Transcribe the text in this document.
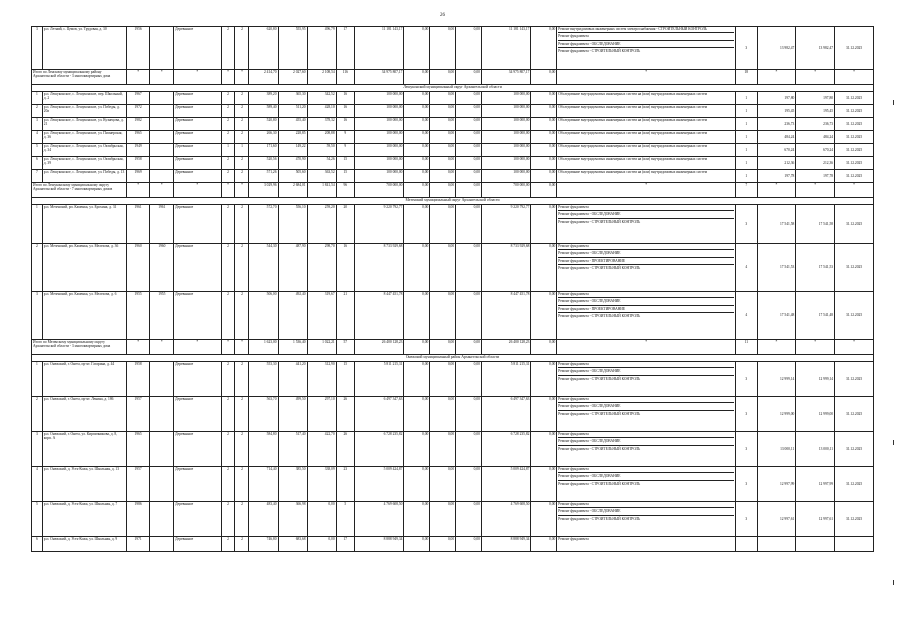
26
3	р.п. Летний, с. Цемов, ул. Трудовая, д. 30	1956		Деревянное	2	2	620,80	555,95	496,79	17	11 181 143,17	0,00	0,00	0,00	11 181 143,17	0,00	Ремонт внутридомовых инженерных систем электроснабжения - СТРОИТЕЛЬНЫЙ КОНТРОЛЬ
Ремонт фундамента
Ремонт фундамента - ОБСЛЕДОВАНИЕ
Ремонт фундамента - СТРОИТЕЛЬНЫЙ КОНТРОЛЬ	3	13 982,47	13 982,47	31.12.2025
Итого по Ленскому муниципальному району Архангельской области - 3 многоквартирных дома		*	*	*	*	*	2 414,70	2 027,60	2 108,54	116	34 975 807,17	0,00	0,00	0,00	34 975 807,17	0,00	*	18	*	*	*
Лешуконский муниципальный округ Архангельской области																					
1	р.п. Лешуконское, с. Лешуконское, пер. Школьный, д. 2	1967		Деревянное	2	2	389,20	365,30	342,52	16	100 000,00	0,00	0,00	0,00	100 000,00	0,00	Обследование внутридомовых инженерных систем на (или) внутридомовых инженерных систем	1	197,80	197,80	31.12.2025
2	р.п. Лешуконское, с. Лешуконское, ул. Победы, д. 20а	1972		Деревянное	2	2	589,40	511,20	428,10	16	100 000,00	0,00	0,00	0,00	100 000,00	0,00	Обследование внутридомовых инженерных систем на (или) внутридомовых инженерных систем	1	195,45	195,45	31.12.2025
3	р.п. Лешуконское, с. Лешуконское, ул. Кузнецова, д. 21	1982		Деревянное	2	2	520,80	455,40	378,32	16	100 000,00	0,00	0,00	0,00	100 000,00	0,00	Обследование внутридомовых инженерных систем на (или) внутридомовых инженерных систем	1	236,73	236,73	31.12.2025
4	р.п. Лешуконское, с. Лешуконское, ул. Пионерская, д. 36	1965		Деревянное	2	2	266,30	228,85	208,88	9	100 000,00	0,00	0,00	0,00	100 000,00	0,00	Обследование внутридомовых инженерных систем на (или) внутридомовых инженерных систем	1	484,24	484,24	31.12.2025
5	р.п. Лешуконское, с. Лешуконское, ул. Октябрьская, д. 34	1949		Деревянное	1	1	171,60	149,22	59,50	9	100 000,00	0,00	0,00	0,00	100 000,00	0,00	Обследование внутридомовых инженерных систем на (или) внутридомовых инженерных систем	1	670,24	670,24	31.12.2025
6	р.п. Лешуконское, с. Лешуконское, ул. Октябрьская, д. 39	1958		Деревянное	2	2	520,56	470,90	54,26	15	100 000,00	0,00	0,00	0,00	100 000,00	0,00	Обследование внутридомовых инженерных систем на (или) внутридомовых инженерных систем	1	212,36	212,36	31.12.2025
7	р.п. Лешуконское, с. Лешуконское, ул. Победы, д. 13	1969		Деревянное	2	2	571,26	505,60	363,52	15	100 000,00	0,00	0,00	0,00	100 000,00	0,00	Обследование внутридомовых инженерных систем на (или) внутридомовых инженерных систем	1	197,78	197,78	31.12.2025
Итого по Лешуконскому муниципальному округу Архангельской области - 7 многоквартирных домов		*	*	*	*	*	3 029,96	2 684,01	1 841,54	96	700 000,00	0,00	0,00	0,00	700 000,00	0,00	*	7	*	*	*
Мезенский муниципальный округ Архангельской области																					
1	р.п. Мезенский, рп. Каменка, ул. Ерохина, д. 31	1961	1961	Деревянное	2	2	572,70	556,10	259,20	20	9 220 792,77	0,00	0,00	0,00	9 220 792,77	0,00	Ремонт фундамента
Ремонт фундамента - ОБСЛЕДОВАНИЕ
Ремонт фундамента - СТРОИТЕЛЬНЫЙ КОНТРОЛЬ	3	17 541,58	17 541,58	31.12.2025
2	р.п. Мезенский, рп. Каменка, ул. Мелехова, д. 36	1960	1960	Деревянное	2	2	544,30	487,90	298,70	16	8 733 929,68	0,00	0,00	0,00	8 733 929,68	0,00	Ремонт фундамента
Ремонт фундамента - ОБСЛЕДОВАНИЕ
Ремонт фундамента - ПРОЕКТИРОВАНИЕ
Ремонт фундамента - СТРОИТЕЛЬНЫЙ КОНТРОЛЬ	4	17 541,53	17 541,53	31.12.2025
3	р.п. Мезенский, рп. Каменка, ул. Мелехова, д. 6	1955	1955	Деревянное	2	2	506,00	492,40	319,67	21	8 447 451,78	0,00	0,00	0,00	8 447 451,78	0,00	Ремонт фундамента
Ремонт фундамента - ОБСЛЕДОВАНИЕ
Ремонт фундамента - ПРОЕКТИРОВАНИЕ
Ремонт фундамента - СТРОИТЕЛЬНЫЙ КОНТРОЛЬ	4	17 541,48	17 541,48	31.12.2025
Итого по Мезенскому муниципальному округу Архангельской области - 3 многоквартирных дома		*	*	*	*	*	1 623,00	1 536,40	1 022,21	57	26 400 128,23	0,00	0,00	0,00	26 400 128,23	0,00	*	11	*	*	*
Онежский муниципальный район Архангельской области																					
1	р.п. Онежский, г. Онега, пр-кт. Гагарина, д. 44	1958		Деревянное	2	2	553,30	441,20	312,90	15	5 811 215,31	0,00	0,00	0,00	5 811 215,31	0,00	Ремонт фундамента
Ремонт фундамента - ОБСЛЕДОВАНИЕ
Ремонт фундамента - СТРОИТЕЛЬНЫЙ КОНТРОЛЬ	3	12 999,14	12 999,14	31.12.2025
2	р.п. Онежский, г. Онега, пр-кт. Ленина, д. 186	1957		Деревянное	2	2	563,70	499,50	297,10	26	6 497 347,63	0,00	0,00	0,00	6 497 347,63	0,00	Ремонт фундамента
Ремонт фундамента - ОБСЛЕДОВАНИЕ
Ремонт фундамента - СТРОИТЕЛЬНЫЙ КОНТРОЛЬ	3	12 999,00	12 999,00	31.12.2025
3	р.п. Онежский, г. Онега, ул. Кирпичникова, д. 8, корп. А	1965		Деревянное	2	2	584,80	517,40	422,70	26	6 728 235,82	0,00	0,00	0,00	6 728 235,82	0,00	Ремонт фундамента
Ремонт фундамента - ОБСЛЕДОВАНИЕ
Ремонт фундамента - СТРОИТЕЛЬНЫЙ КОНТРОЛЬ	3	13 000,11	13 000,11	31.12.2025
4	р.п. Онежский, д. Усть-Кожа, ул. Школьная, д. 13	1957		Деревянное	2	2	714,40	385,50	338,09	23	5 009 424,87	0,00	0,00	0,00	5 009 424,87	0,00	Ремонт фундамента
Ремонт фундамента - ОБСЛЕДОВАНИЕ
Ремонт фундамента - СТРОИТЕЛЬНЫЙ КОНТРОЛЬ	3	12 997,99	12 997,99	31.12.2025
5	р.п. Онежский, д. Усть-Кожа, ул. Школьная, д. 7	1986		Деревянное	2	2	483,40	366,98	0,00	5	4 769 608,50	0,00	0,00	0,00	4 769 608,50	0,00	Ремонт фундамента
Ремонт фундамента - ОБСЛЕДОВАНИЕ
Ремонт фундамента - СТРОИТЕЛЬНЫЙ КОНТРОЛЬ	3	12 997,61	12 997,61	31.12.2025
6	р.п. Онежский, д. Усть-Кожа, ул. Школьная, д. 9	1971		Деревянное	2	2	746,80	683,68	0,00	17	8 888 949,34	0,00	0,00	0,00	8 888 949,34	0,00	Ремонт фундамента				
